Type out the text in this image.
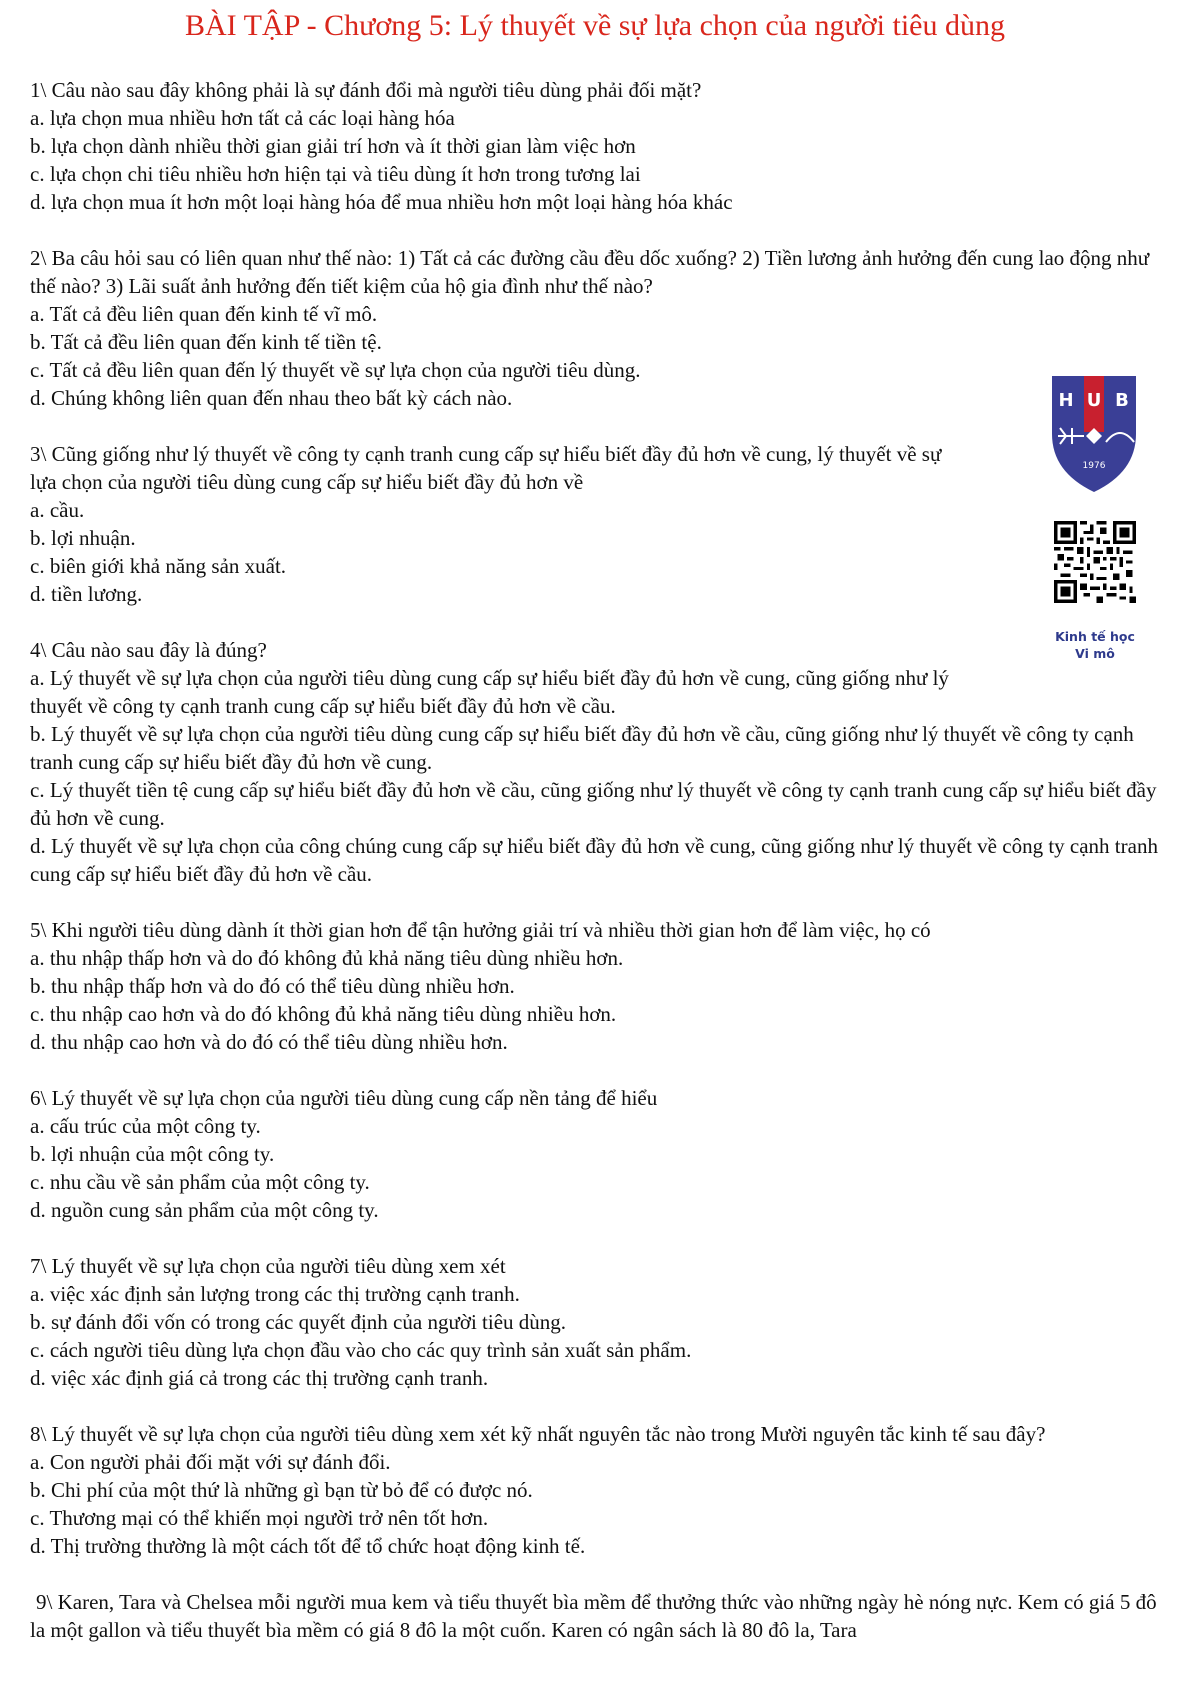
BÀI TẬP - Chương 5: Lý thuyết về sự lựa chọn của người tiêu dùng

1\ Câu nào sau đây không phải là sự đánh đổi mà người tiêu dùng phải đối mặt?

a. lựa chọn mua nhiều hơn tất cả các loại hàng hóa

b. lựa chọn dành nhiều thời gian giải trí hơn và ít thời gian làm việc hơn

c. lựa chọn chi tiêu nhiều hơn hiện tại và tiêu dùng ít hơn trong tương lai

d. lựa chọn mua ít hơn một loại hàng hóa để mua nhiều hơn một loại hàng hóa khác

2\ Ba câu hỏi sau có liên quan như thế nào: 1) Tất cả các đường cầu đều dốc xuống? 2) Tiền lương ảnh hưởng đến cung lao động như thế nào? 3) Lãi suất ảnh hưởng đến tiết kiệm của hộ gia đình như thế nào?

a. Tất cả đều liên quan đến kinh tế vĩ mô.

b. Tất cả đều liên quan đến kinh tế tiền tệ.

c. Tất cả đều liên quan đến lý thuyết về sự lựa chọn của người tiêu dùng.

d. Chúng không liên quan đến nhau theo bất kỳ cách nào.

3\ Cũng giống như lý thuyết về công ty cạnh tranh cung cấp sự hiểu biết đầy đủ hơn về cung, lý thuyết về sự lựa chọn của người tiêu dùng cung cấp sự hiểu biết đầy đủ hơn về

a. cầu.

b. lợi nhuận.

c. biên giới khả năng sản xuất.

d. tiền lương.

4\ Câu nào sau đây là đúng?

a. Lý thuyết về sự lựa chọn của người tiêu dùng cung cấp sự hiểu biết đầy đủ hơn về cung, cũng giống như lý thuyết về công ty cạnh tranh cung cấp sự hiểu biết đầy đủ hơn về cầu.

b. Lý thuyết về sự lựa chọn của người tiêu dùng cung cấp sự hiểu biết đầy đủ hơn về cầu, cũng giống như lý thuyết về công ty cạnh tranh cung cấp sự hiểu biết đầy đủ hơn về cung.

c. Lý thuyết tiền tệ cung cấp sự hiểu biết đầy đủ hơn về cầu, cũng giống như lý thuyết về công ty cạnh tranh cung cấp sự hiểu biết đầy đủ hơn về cung.

d. Lý thuyết về sự lựa chọn của công chúng cung cấp sự hiểu biết đầy đủ hơn về cung, cũng giống như lý thuyết về công ty cạnh tranh cung cấp sự hiểu biết đầy đủ hơn về cầu.

5\ Khi người tiêu dùng dành ít thời gian hơn để tận hưởng giải trí và nhiều thời gian hơn để làm việc, họ có

a. thu nhập thấp hơn và do đó không đủ khả năng tiêu dùng nhiều hơn.

b. thu nhập thấp hơn và do đó có thể tiêu dùng nhiều hơn.

c. thu nhập cao hơn và do đó không đủ khả năng tiêu dùng nhiều hơn.

d. thu nhập cao hơn và do đó có thể tiêu dùng nhiều hơn.

6\ Lý thuyết về sự lựa chọn của người tiêu dùng cung cấp nền tảng để hiểu

a. cấu trúc của một công ty.

b. lợi nhuận của một công ty.

c. nhu cầu về sản phẩm của một công ty.

d. nguồn cung sản phẩm của một công ty.

7\ Lý thuyết về sự lựa chọn của người tiêu dùng xem xét

a. việc xác định sản lượng trong các thị trường cạnh tranh.

b. sự đánh đổi vốn có trong các quyết định của người tiêu dùng.

c. cách người tiêu dùng lựa chọn đầu vào cho các quy trình sản xuất sản phẩm.

d. việc xác định giá cả trong các thị trường cạnh tranh.

8\ Lý thuyết về sự lựa chọn của người tiêu dùng xem xét kỹ nhất nguyên tắc nào trong Mười nguyên tắc kinh tế sau đây?

a. Con người phải đối mặt với sự đánh đổi.

b. Chi phí của một thứ là những gì bạn từ bỏ để có được nó.

c. Thương mại có thể khiến mọi người trở nên tốt hơn.

d. Thị trường thường là một cách tốt để tổ chức hoạt động kinh tế.

9\ Karen, Tara và Chelsea mỗi người mua kem và tiểu thuyết bìa mềm để thưởng thức vào những ngày hè nóng nực. Kem có giá 5 đô la một gallon và tiểu thuyết bìa mềm có giá 8 đô la một cuốn. Karen có ngân sách là 80 đô la, Tara

H U B
1976
Kinh tế học
Vi mô
